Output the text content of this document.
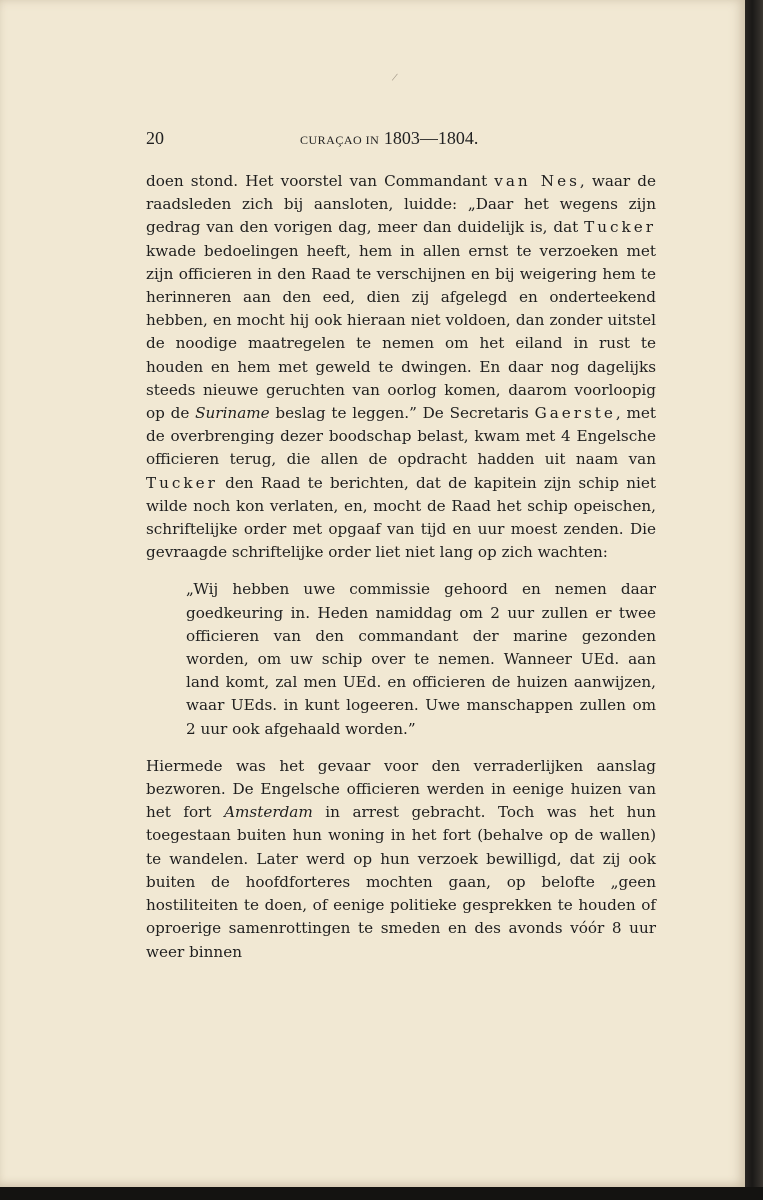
/
20	CURAÇAO IN 1803—1804.

doen stond. Het voorstel van Commandant van Nes, waar de raadsleden zich bij aansloten, luidde: „Daar het wegens zijn gedrag van den vorigen dag, meer dan duidelijk is, dat Tucker kwade bedoelingen heeft, hem in allen ernst te verzoeken met zijn officieren in den Raad te verschijnen en bij weigering hem te herinneren aan den eed, dien zij afgelegd en onderteekend hebben, en mocht hij ook hieraan niet voldoen, dan zonder uitstel de noodige maatregelen te nemen om het eiland in rust te houden en hem met geweld te dwingen. En daar nog dagelijks steeds nieuwe geruchten van oorlog komen, daarom voorloopig op de Suriname beslag te leggen.” De Secretaris Gaerste, met de overbrenging dezer boodschap belast, kwam met 4 Engelsche officieren terug, die allen de opdracht hadden uit naam van Tucker den Raad te berichten, dat de kapitein zijn schip niet wilde noch kon verlaten, en, mocht de Raad het schip opeischen, schriftelijke order met opgaaf van tijd en uur moest zenden. Die gevraagde schriftelijke order liet niet lang op zich wachten:

„Wij hebben uwe commissie gehoord en nemen daar goedkeuring in. Heden namiddag om 2 uur zullen er twee officieren van den commandant der marine gezonden worden, om uw schip over te nemen. Wanneer UEd. aan land komt, zal men UEd. en officieren de huizen aanwijzen, waar UEds. in kunt logeeren. Uwe manschappen zullen om 2 uur ook afgehaald worden.”

Hiermede was het gevaar voor den verraderlijken aanslag bezworen. De Engelsche officieren werden in eenige huizen van het fort Amsterdam in arrest gebracht. Toch was het hun toegestaan buiten hun woning in het fort (behalve op de wallen) te wandelen. Later werd op hun verzoek bewilligd, dat zij ook buiten de hoofdforteres mochten gaan, op belofte „geen hostiliteiten te doen, of eenige politieke gesprekken te houden of oproerige samenrottingen te smeden en des avonds vóór 8 uur weer binnen
